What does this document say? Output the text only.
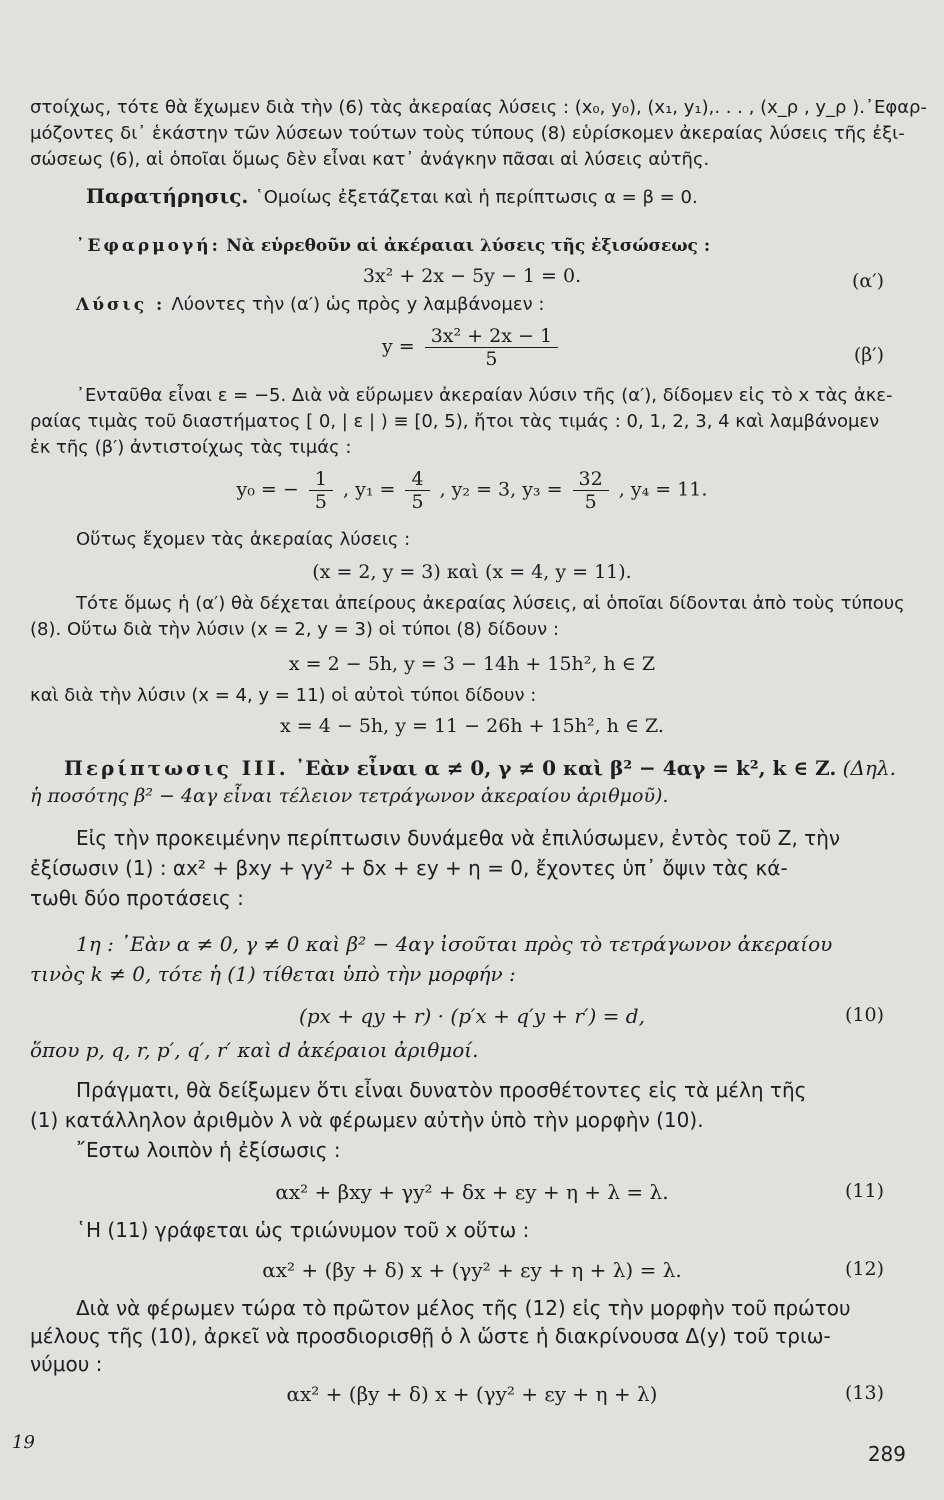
στοίχως, τότε θὰ ἔχωμεν διὰ τὴν (6) τὰς ἀκεραίας λύσεις : (x₀, y₀), (x₁, y₁),. . . , (x_ρ , y_ρ ).᾿Εφαρ-
μόζοντες δι᾿ ἑκάστην τῶν λύσεων τούτων τοὺς τύπους (8) εὑρίσκομεν ἀκεραίας λύσεις τῆς ἐξι-
σώσεως (6), αἱ ὁποῖαι ὅμως δὲν εἶναι κατ᾿ ἀνάγκην πᾶσαι αἱ λύσεις αὐτῆς.
Παρατήρησις. ῾Ομοίως ἐξετάζεται καὶ ἡ περίπτωσις α = β = 0.
᾿Εφαρμογή: Νὰ εὑρεθοῦν αἱ ἀκέραιαι λύσεις τῆς ἐξισώσεως :
3x² + 2x − 5y − 1 = 0.	(α′)
Λύσις : Λύοντες τὴν (α′) ὡς πρὸς y λαμβάνομεν :
$y = \frac{\text{3x² + 2x − 1}}{5}$	(β′)
᾿Ενταῦθα εἶναι ε = −5. Διὰ νὰ εὕρωμεν ἀκεραίαν λύσιν τῆς (α′), δίδομεν εἰς τὸ x τὰς ἀκε-
ραίας τιμὰς τοῦ διαστήματος [ 0, | ε | ) ≡ [0, 5), ἤτοι τὰς τιμάς : 0, 1, 2, 3, 4 καὶ λαμβάνομεν
ἐκ τῆς (β′) ἀντιστοίχως τὰς τιμάς :
y₀ = − $\frac{1}{5}$ , $y_1 = \frac{4}{5}$ , y₂ = 3, $y_3 = \frac{32}{5}$ , y₄ = 11.
Οὕτως ἔχομεν τὰς ἀκεραίας λύσεις :
(x = 2, y = 3) καὶ (x = 4, y = 11).
Τότε ὅμως ἡ (α′) θὰ δέχεται ἀπείρους ἀκεραίας λύσεις, αἱ ὁποῖαι δίδονται ἀπὸ τοὺς τύπους
(8). Οὕτω διὰ τὴν λύσιν (x = 2, y = 3) οἱ τύποι (8) δίδουν :
x = 2 − 5h, y = 3 − 14h + 15h², h ∈ Z
καὶ διὰ τὴν λύσιν (x = 4, y = 11) οἱ αὐτοὶ τύποι δίδουν :
x = 4 − 5h, y = 11 − 26h + 15h², h ∈ Z.
Περίπτωσις ΙΙΙ. ᾿Εὰν εἶναι α ≠ 0, γ ≠ 0 καὶ β² − 4αγ = k², k ∈ Z. (Δηλ.
ἡ ποσότης β² − 4αγ εἶναι τέλειον τετράγωνον ἀκεραίου ἀριθμοῦ).
Εἰς τὴν προκειμένην περίπτωσιν δυνάμεθα νὰ ἐπιλύσωμεν, ἐντὸς τοῦ Z, τὴν
ἐξίσωσιν (1) : αx² + βxy + γy² + δx + εy + η = 0, ἔχοντες ὑπ᾿ ὄψιν τὰς κά-
τωθι δύο προτάσεις :
1η : ᾿Εὰν α ≠ 0, γ ≠ 0 καὶ β² − 4αγ ἰσοῦται πρὸς τὸ τετράγωνον ἀκεραίου
τινὸς k ≠ 0, τότε ἡ (1) τίθεται ὑπὸ τὴν μορφήν :
(px + qy + r) · (p′x + q′y + r′) = d,	(10)
ὅπου p, q, r, p′, q′, r′ καὶ d ἀκέραιοι ἀριθμοί.
Πράγματι, θὰ δείξωμεν ὅτι εἶναι δυνατὸν προσθέτοντες εἰς τὰ μέλη τῆς
(1) κατάλληλον ἀριθμὸν λ νὰ φέρωμεν αὐτὴν ὑπὸ τὴν μορφὴν (10).
῎Εστω λοιπὸν ἡ ἐξίσωσις :
αx² + βxy + γy² + δx + εy + η + λ = λ.	(11)
῾Η (11) γράφεται ὡς τριώνυμον τοῦ x οὕτω :
αx² + (βy + δ) x + (γy² + εy + η + λ) = λ.	(12)
Διὰ νὰ φέρωμεν τώρα τὸ πρῶτον μέλος τῆς (12) εἰς τὴν μορφὴν τοῦ πρώτου
μέλους τῆς (10), ἀρκεῖ νὰ προσδιορισθῇ ὁ λ ὥστε ἡ διακρίνουσα Δ(y) τοῦ τριω-
νύμου :
αx² + (βy + δ) x + (γy² + εy + η + λ)	(13)
19	289
